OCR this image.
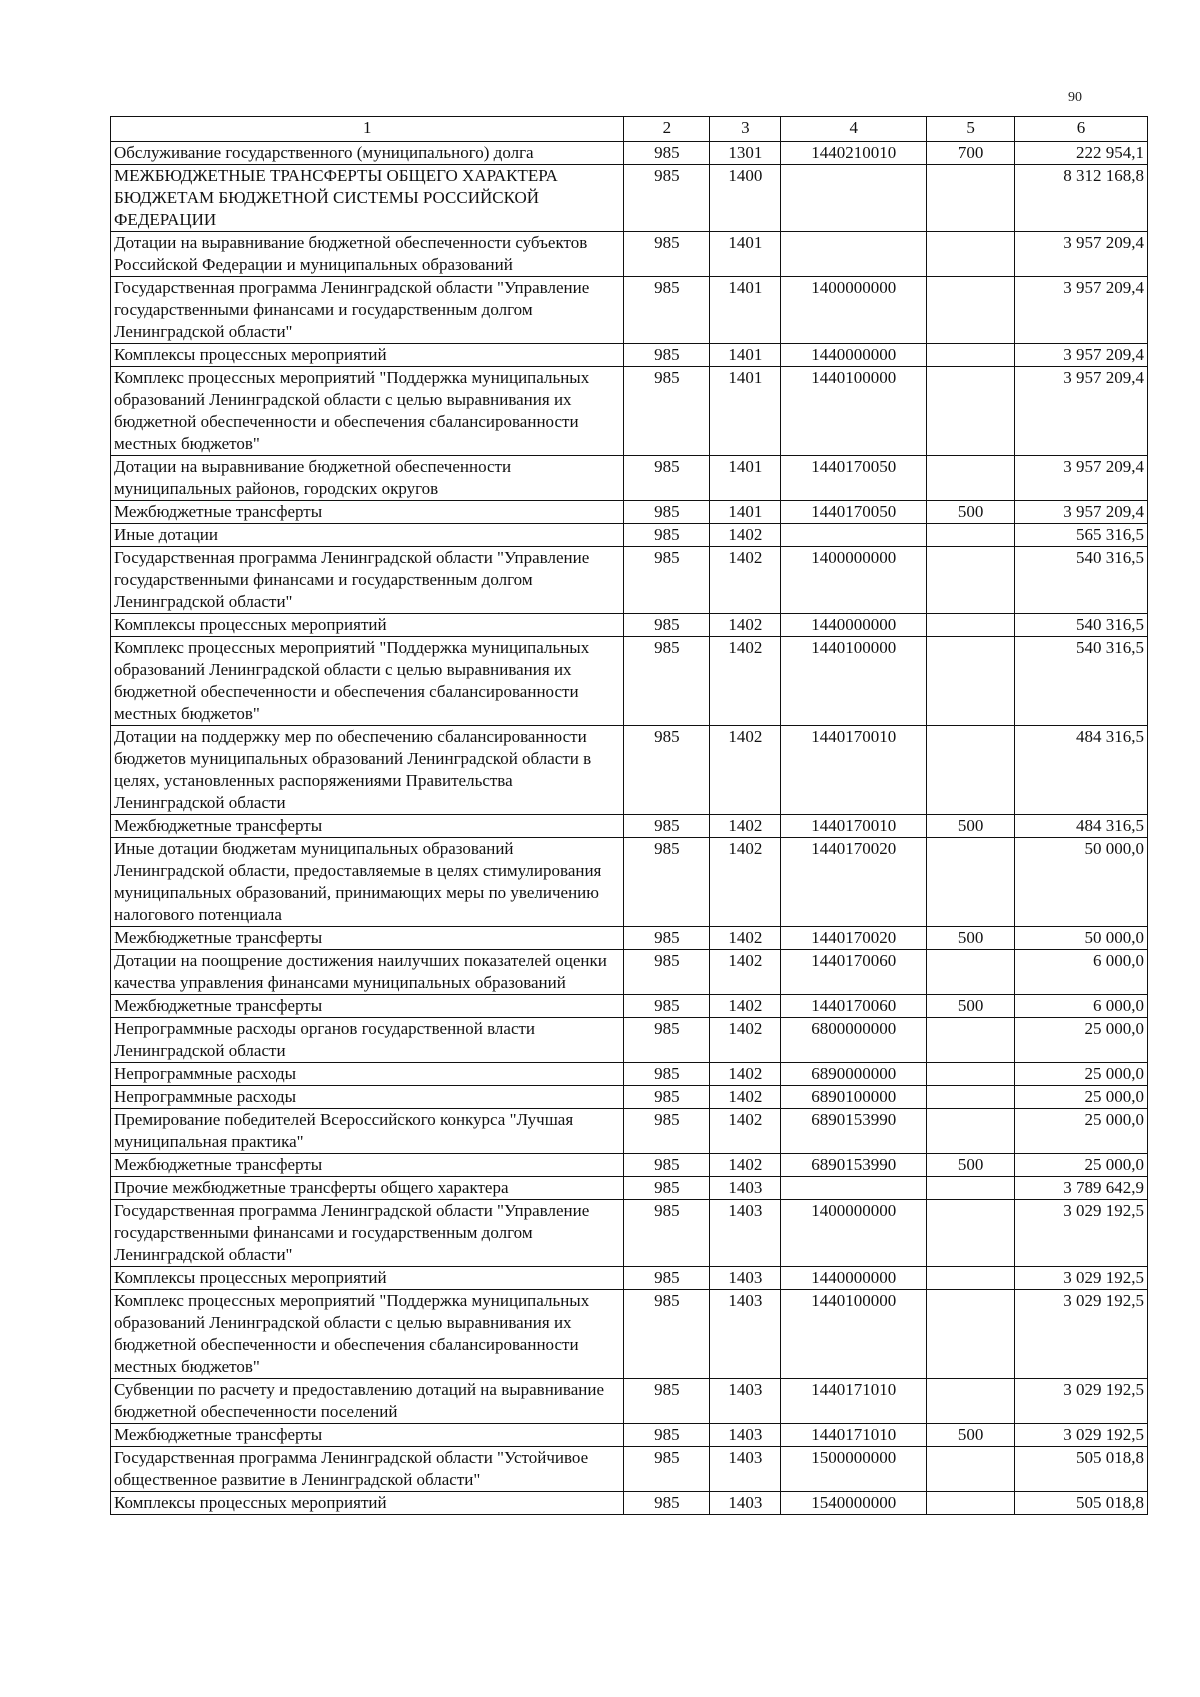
90
1	2	3	4	5	6
Обслуживание государственного (муниципального) долга	985	1301	1440210010	700	222 954,1
МЕЖБЮДЖЕТНЫЕ ТРАНСФЕРТЫ ОБЩЕГО ХАРАКТЕРА БЮДЖЕТАМ БЮДЖЕТНОЙ СИСТЕМЫ РОССИЙСКОЙ ФЕДЕРАЦИИ	985	1400			8 312 168,8
Дотации на выравнивание бюджетной обеспеченности субъектов Российской Федерации и муниципальных образований	985	1401			3 957 209,4
Государственная программа Ленинградской области "Управление государственными финансами и государственным долгом Ленинградской области"	985	1401	1400000000		3 957 209,4
Комплексы процессных мероприятий	985	1401	1440000000		3 957 209,4
Комплекс процессных мероприятий "Поддержка муниципальных образований Ленинградской области с целью выравнивания их бюджетной обеспеченности и обеспечения сбалансированности местных бюджетов"	985	1401	1440100000		3 957 209,4
Дотации на выравнивание бюджетной обеспеченности муниципальных районов, городских округов	985	1401	1440170050		3 957 209,4
Межбюджетные трансферты	985	1401	1440170050	500	3 957 209,4
Иные дотации	985	1402			565 316,5
Государственная программа Ленинградской области "Управление государственными финансами и государственным долгом Ленинградской области"	985	1402	1400000000		540 316,5
Комплексы процессных мероприятий	985	1402	1440000000		540 316,5
Комплекс процессных мероприятий "Поддержка муниципальных образований Ленинградской области с целью выравнивания их бюджетной обеспеченности и обеспечения сбалансированности местных бюджетов"	985	1402	1440100000		540 316,5
Дотации на поддержку мер по обеспечению сбалансированности бюджетов муниципальных образований Ленинградской области в целях, установленных распоряжениями Правительства Ленинградской области	985	1402	1440170010		484 316,5
Межбюджетные трансферты	985	1402	1440170010	500	484 316,5
Иные дотации бюджетам муниципальных образований Ленинградской области, предоставляемые в целях стимулирования муниципальных образований, принимающих меры по увеличению налогового потенциала	985	1402	1440170020		50 000,0
Межбюджетные трансферты	985	1402	1440170020	500	50 000,0
Дотации на поощрение достижения наилучших показателей оценки качества управления финансами муниципальных образований	985	1402	1440170060		6 000,0
Межбюджетные трансферты	985	1402	1440170060	500	6 000,0
Непрограммные расходы органов государственной власти Ленинградской области	985	1402	6800000000		25 000,0
Непрограммные расходы	985	1402	6890000000		25 000,0
Непрограммные расходы	985	1402	6890100000		25 000,0
Премирование победителей Всероссийского конкурса "Лучшая муниципальная практика"	985	1402	6890153990		25 000,0
Межбюджетные трансферты	985	1402	6890153990	500	25 000,0
Прочие межбюджетные трансферты общего характера	985	1403			3 789 642,9
Государственная программа Ленинградской области "Управление государственными финансами и государственным долгом Ленинградской области"	985	1403	1400000000		3 029 192,5
Комплексы процессных мероприятий	985	1403	1440000000		3 029 192,5
Комплекс процессных мероприятий "Поддержка муниципальных образований Ленинградской области с целью выравнивания их бюджетной обеспеченности и обеспечения сбалансированности местных бюджетов"	985	1403	1440100000		3 029 192,5
Субвенции по расчету и предоставлению дотаций на выравнивание бюджетной обеспеченности поселений	985	1403	1440171010		3 029 192,5
Межбюджетные трансферты	985	1403	1440171010	500	3 029 192,5
Государственная программа Ленинградской области "Устойчивое общественное развитие в Ленинградской области"	985	1403	1500000000		505 018,8
Комплексы процессных мероприятий	985	1403	1540000000		505 018,8
